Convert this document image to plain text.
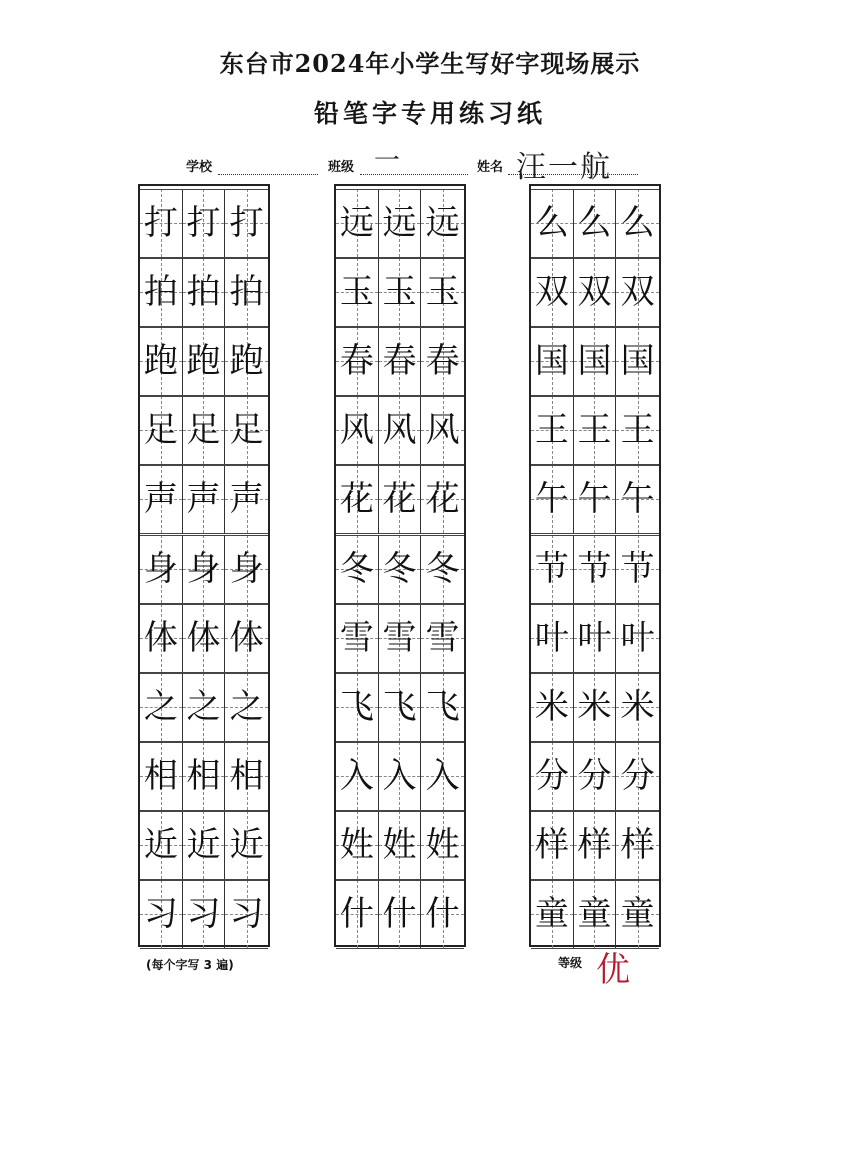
东台市2024年小学生写好字现场展示
铅笔字专用练习纸
学校	班级 一	姓名 汪一航
打 打 打
拍 拍 拍
跑 跑 跑
足 足 足
声 声 声
身 身 身
体 体 体
之 之 之
相 相 相
近 近 近
习 习 习
远 远 远
玉 玉 玉
春 春 春
风 风 风
花 花 花
冬 冬 冬
雪 雪 雪
飞 飞 飞
入 入 入
姓 姓 姓
什 什 什
么 么 么
双 双 双
国 国 国
王 王 王
午 午 午
节 节 节
叶 叶 叶
米 米 米
分 分 分
样 样 样
童 童 童
(每个字写 3 遍)	等级 优
